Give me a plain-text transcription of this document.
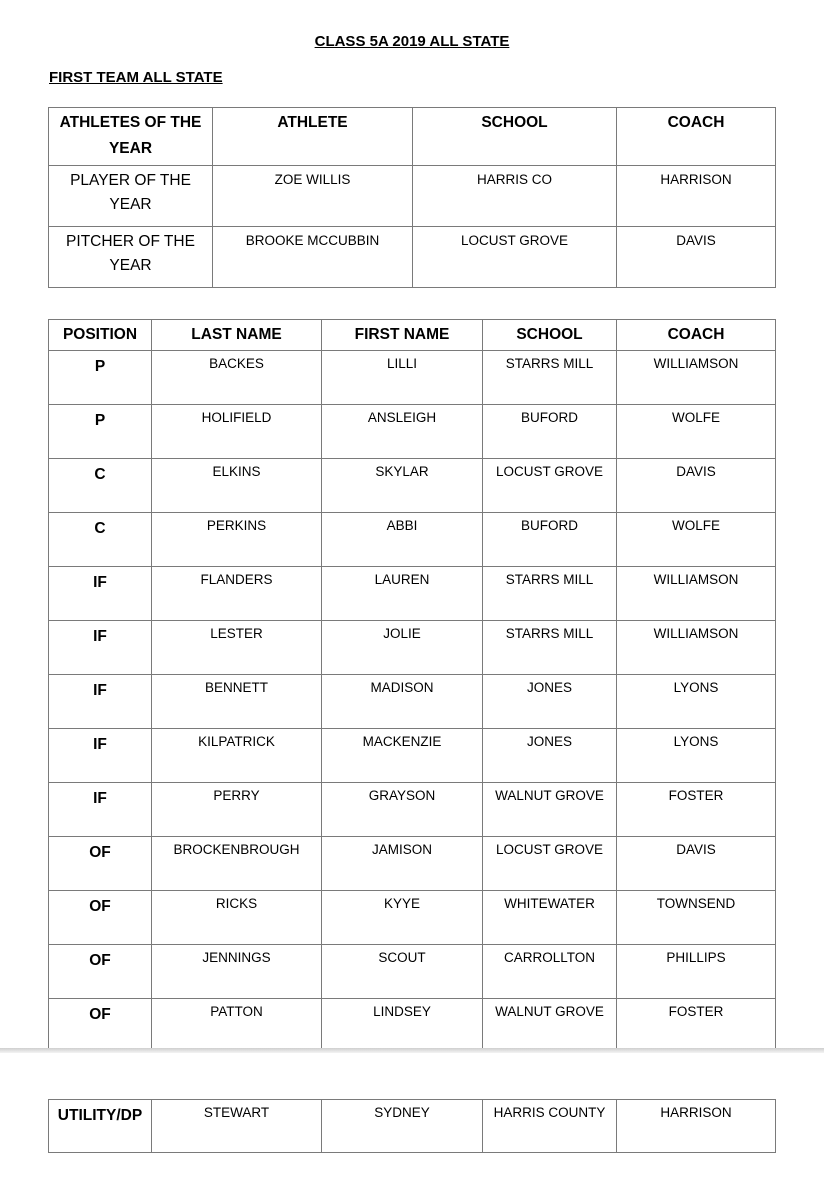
CLASS 5A 2019 ALL STATE
FIRST TEAM ALL STATE
ATHLETES OF THE YEAR	ATHLETE	SCHOOL	COACH
PLAYER OF THE YEAR	ZOE WILLIS	HARRIS CO	HARRISON
PITCHER OF THE YEAR	BROOKE MCCUBBIN	LOCUST GROVE	DAVIS
POSITION	LAST NAME	FIRST NAME	SCHOOL	COACH
P	BACKES	LILLI	STARRS MILL	WILLIAMSON
P	HOLIFIELD	ANSLEIGH	BUFORD	WOLFE
C	ELKINS	SKYLAR	LOCUST GROVE	DAVIS
C	PERKINS	ABBI	BUFORD	WOLFE
IF	FLANDERS	LAUREN	STARRS MILL	WILLIAMSON
IF	LESTER	JOLIE	STARRS MILL	WILLIAMSON
IF	BENNETT	MADISON	JONES	LYONS
IF	KILPATRICK	MACKENZIE	JONES	LYONS
IF	PERRY	GRAYSON	WALNUT GROVE	FOSTER
OF	BROCKENBROUGH	JAMISON	LOCUST GROVE	DAVIS
OF	RICKS	KYYE	WHITEWATER	TOWNSEND
OF	JENNINGS	SCOUT	CARROLLTON	PHILLIPS
OF	PATTON	LINDSEY	WALNUT GROVE	FOSTER
UTILITY/DP	STEWART	SYDNEY	HARRIS COUNTY	HARRISON
